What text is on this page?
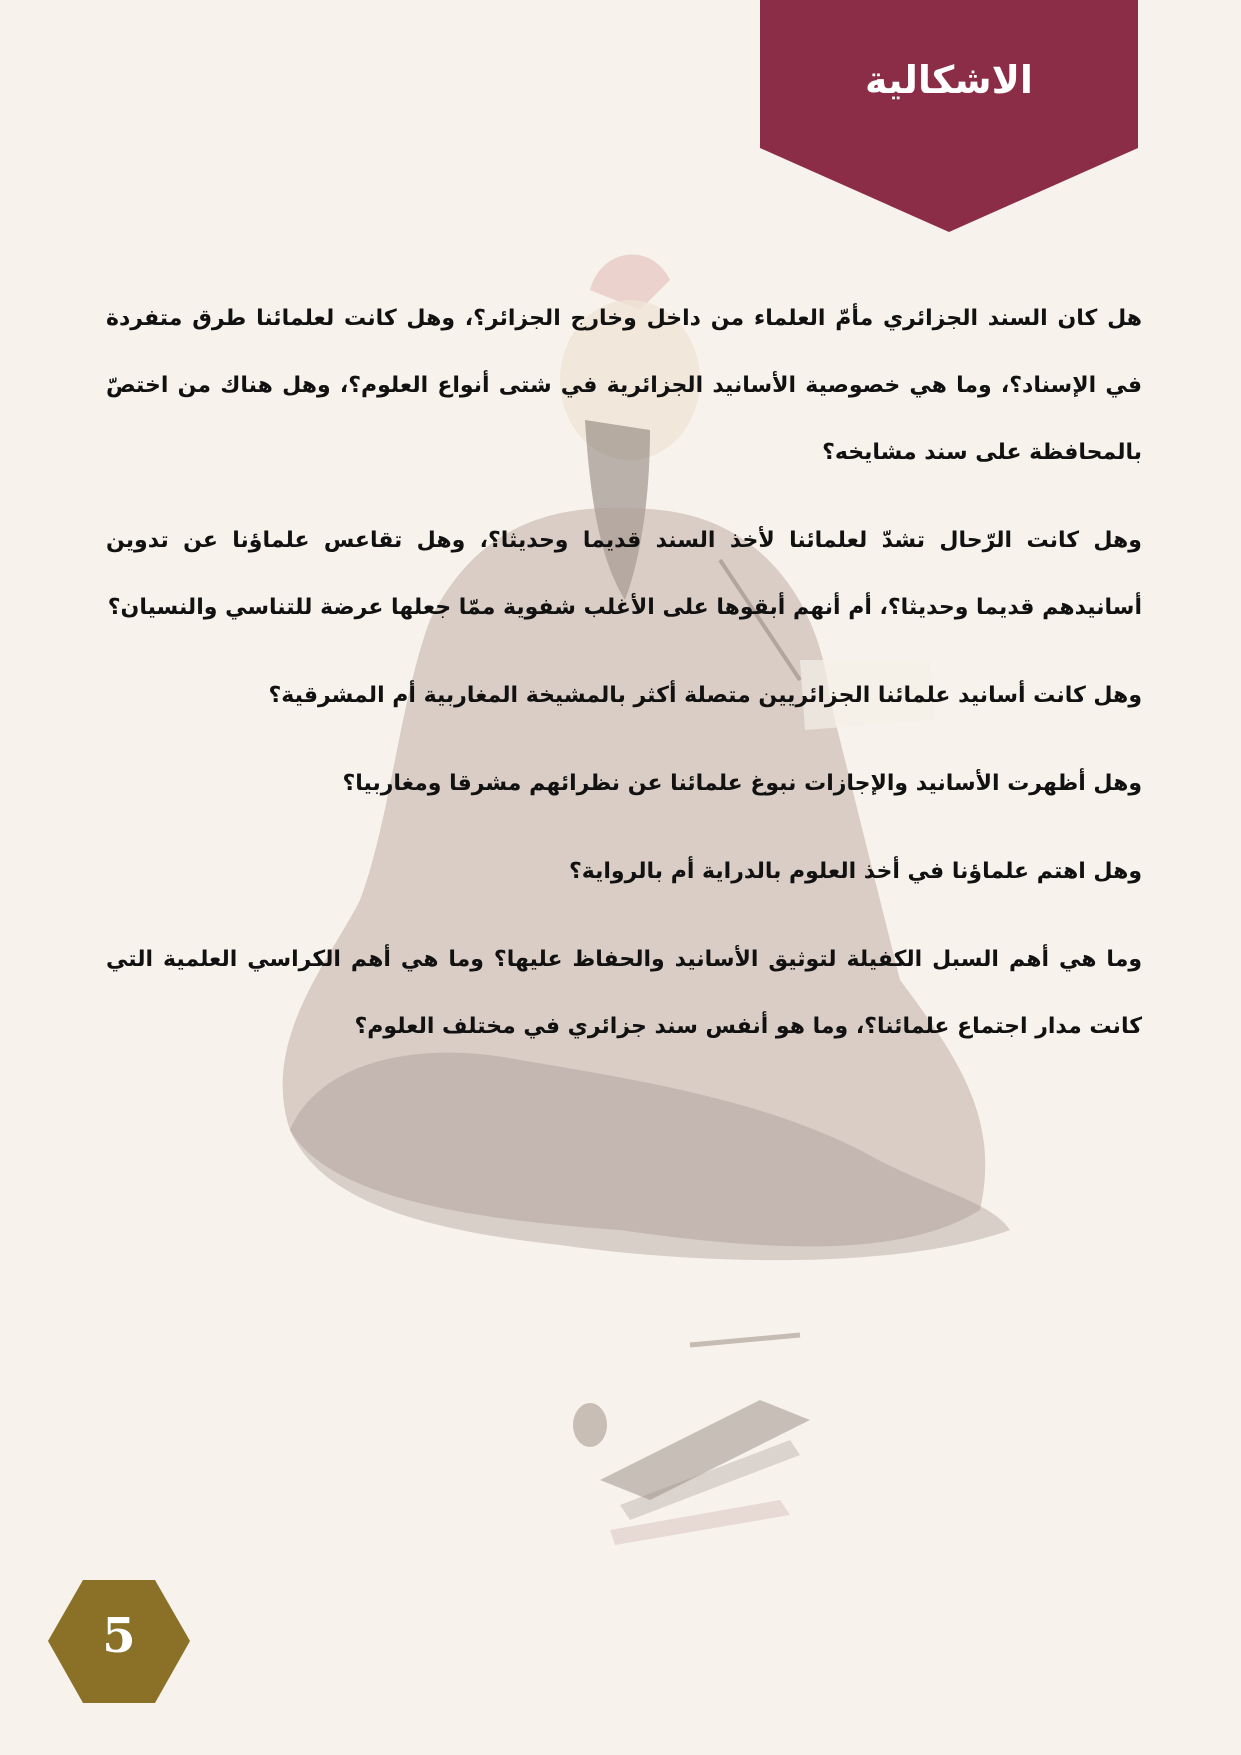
الاشكالية

هل كان السند الجزائري مأمّ العلماء من داخل وخارج الجزائر؟، وهل كانت لعلمائنا طرق متفردة في الإسناد؟، وما هي خصوصية الأسانيد الجزائرية في شتى أنواع العلوم؟، وهل هناك من اختصّ بالمحافظة على سند مشايخه؟

وهل كانت الرّحال تشدّ لعلمائنا لأخذ السند قديما وحديثا؟، وهل تقاعس علماؤنا عن تدوين أسانيدهم قديما وحديثا؟، أم أنهم أبقوها على الأغلب شفوية ممّا جعلها عرضة للتناسي والنسيان؟

وهل كانت أسانيد علمائنا الجزائريين متصلة أكثر بالمشيخة المغاربية أم المشرقية؟

وهل أظهرت الأسانيد والإجازات نبوغ علمائنا عن نظرائهم مشرقا ومغاربيا؟

وهل اهتم علماؤنا في أخذ العلوم بالدراية أم بالرواية؟

وما هي أهم السبل الكفيلة لتوثيق الأسانيد والحفاظ عليها؟ وما هي أهم الكراسي العلمية التي كانت مدار اجتماع علمائنا؟، وما هو أنفس سند جزائري في مختلف العلوم؟

5
